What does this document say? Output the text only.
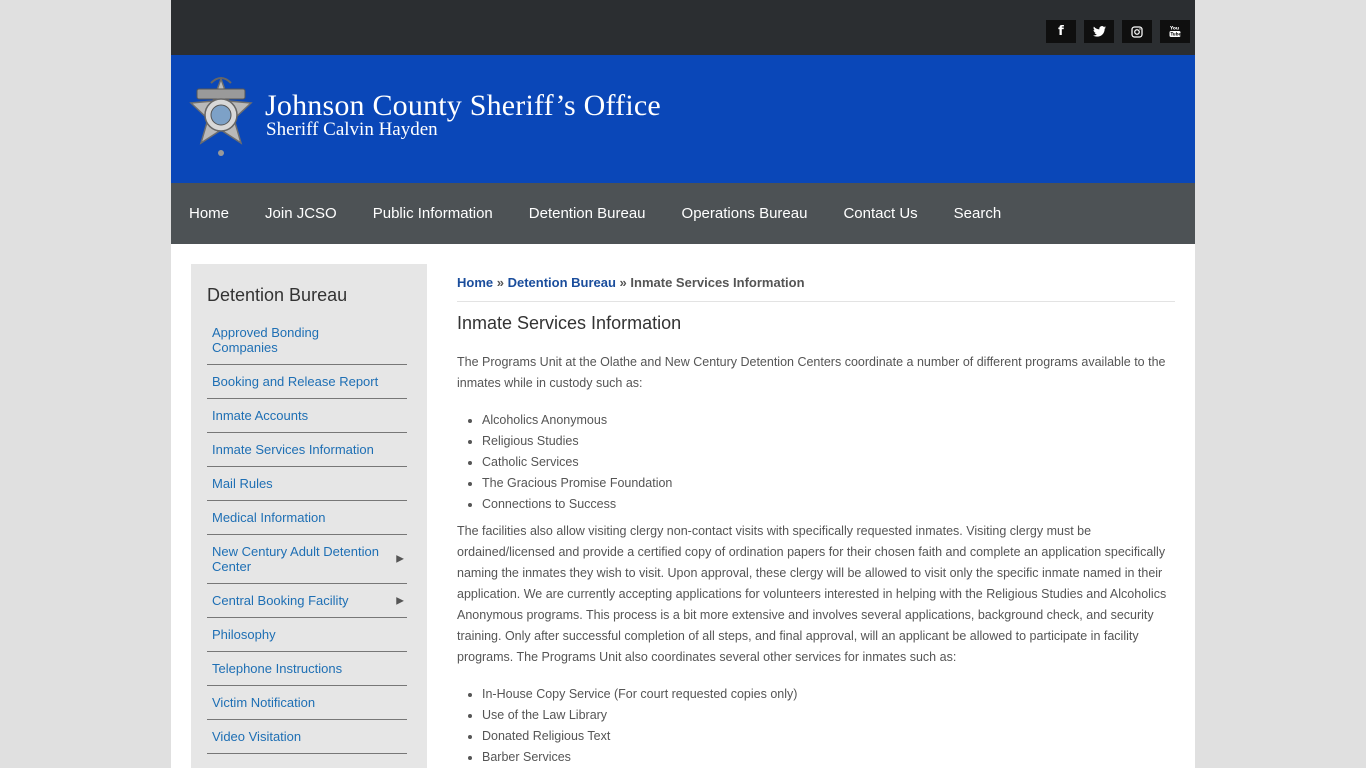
f	You
Tube
Johnson County Sheriff’s Office
Sheriff Calvin Hayden
Home	Join JCSO	Public Information	Detention Bureau	Operations Bureau	Contact Us	Search
Detention Bureau
Approved Bonding Companies
Booking and Release Report
Inmate Accounts
Inmate Services Information
Mail Rules
Medical Information
New Century Adult Detention Center	▶
Central Booking Facility	▶
Philosophy
Telephone Instructions
Victim Notification
Video Visitation
Home » Detention Bureau » Inmate Services Information
Inmate Services Information

The Programs Unit at the Olathe and New Century Detention Centers coordinate a number of different programs available to the inmates while in custody such as:

• Alcoholics Anonymous
• Religious Studies
• Catholic Services
• The Gracious Promise Foundation
• Connections to Success

The facilities also allow visiting clergy non-contact visits with specifically requested inmates. Visiting clergy must be ordained/licensed and provide a certified copy of ordination papers for their chosen faith and complete an application specifically naming the inmates they wish to visit. Upon approval, these clergy will be allowed to visit only the specific inmate named in their application. We are currently accepting applications for volunteers interested in helping with the Religious Studies and Alcoholics Anonymous programs. This process is a bit more extensive and involves several applications, background check, and security training. Only after successful completion of all steps, and final approval, will an applicant be allowed to participate in facility programs. The Programs Unit also coordinates several other services for inmates such as:

• In-House Copy Service (For court requested copies only)
• Use of the Law Library
• Donated Religious Text
• Barber Services
